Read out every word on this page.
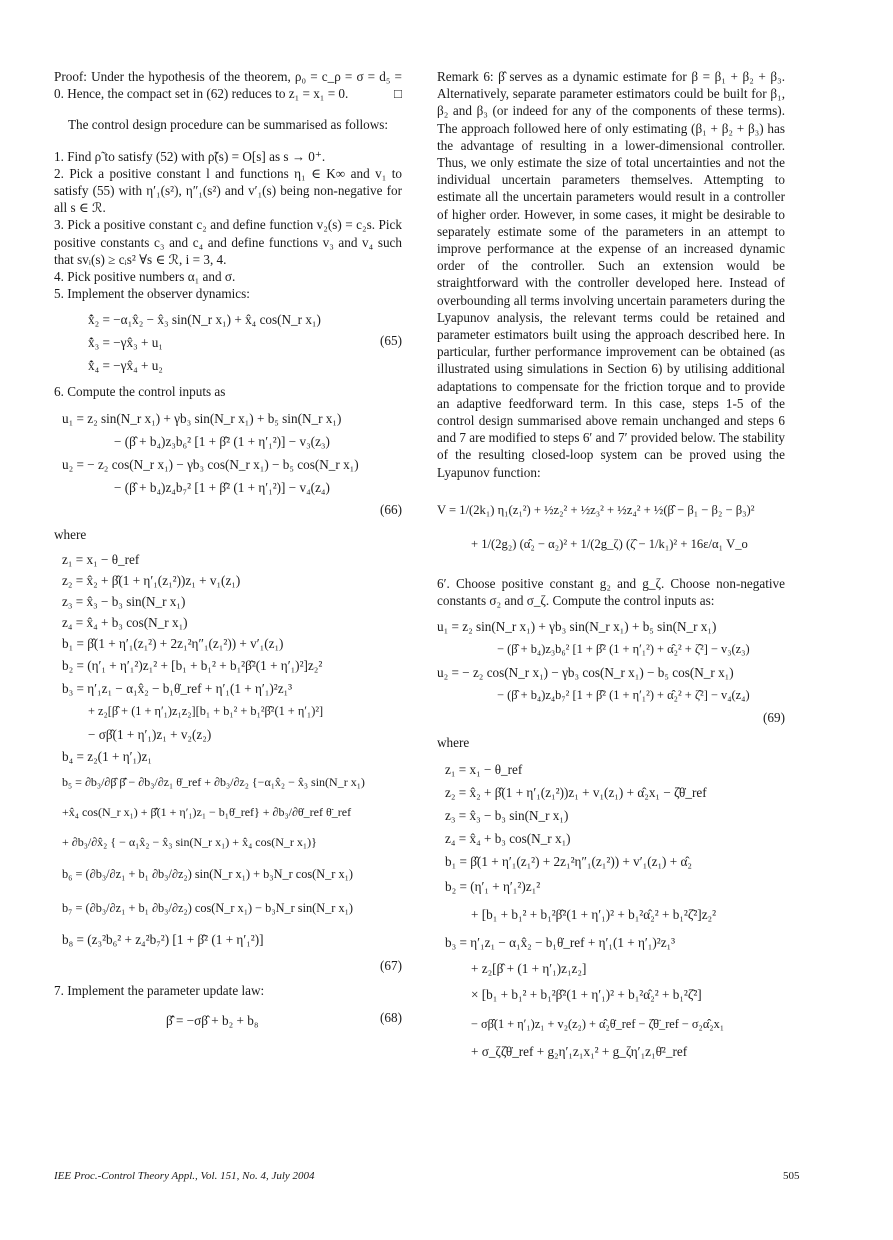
Proof: Under the hypothesis of the theorem, ρ₀ = c_ρ = σ = d₅ = 0. Hence, the compact set in (62) reduces to z₁ = x₁ = 0.	□

The control design procedure can be summarised as follows:

1. Find ρ̃ to satisfy (52) with ρ̃(s) = O[s] as s → 0⁺.

2. Pick a positive constant l and functions η₁ ∈ K∞ and v₁ to satisfy (55) with η′₁(s²), η″₁(s²) and v′₁(s) being non-negative for all s ∈ ℛ.

3. Pick a positive constant c₂ and define function v₂(s) = c₂s. Pick positive constants c₃ and c₄ and define functions v₃ and v₄ such that svᵢ(s) ≥ cᵢs² ∀s ∈ ℛ, i = 3, 4.

4. Pick positive numbers α₁ and σ.

5. Implement the observer dynamics:

(65)
x̂̇₂ = −α₁x̂₂ − x̂₃ sin(N_r x₁) + x̂₄ cos(N_r x₁)
x̂̇₃ = −γx̂₃ + u₁
x̂̇₄ = −γx̂₄ + u₂

6. Compute the control inputs as

u₁ = z₂ sin(N_r x₁) + γb₃ sin(N_r x₁) + b₅ sin(N_r x₁)
− (β̂ + b₄)z₃b₆² [1 + β̂² (1 + η′₁²)] − v₃(z₃)
u₂ = − z₂ cos(N_r x₁) − γb₃ cos(N_r x₁) − b₅ cos(N_r x₁)
− (β̂ + b₄)z₄b₇² [1 + β̂² (1 + η′₁²)] − v₄(z₄)
(66)

where

z₁ = x₁ − θ_ref
z₂ = x̂₂ + β̂(1 + η′₁(z₁²))z₁ + v₁(z₁)
z₃ = x̂₃ − b₃ sin(N_r x₁)
z₄ = x̂₄ + b₃ cos(N_r x₁)
b₁ = β̂(1 + η′₁(z₁²) + 2z₁²η″₁(z₁²)) + v′₁(z₁)
b₂ = (η′₁ + η′₁²)z₁² + [b₁ + b₁² + b₁²β̂²(1 + η′₁)²]z₂²
b₃ = η′₁z₁ − α₁x̂₂ − b₁θ̇_ref + η′₁(1 + η′₁)²z₁³
+ z₂[β̂ + (1 + η′₁)z₁z₂][b₁ + b₁² + b₁²β̂²(1 + η′₁)²]
− σβ̂(1 + η′₁)z₁ + v₂(z₂)
b₄ = z₂(1 + η′₁)z₁
b₅ = ∂b₃/∂β̂ β̂̇ − ∂b₃/∂z₁ θ̇_ref + ∂b₃/∂z₂ {−α₁x̂₂ − x̂₃ sin(N_r x₁)
+x̂₄ cos(N_r x₁) + β̂̇(1 + η′₁)z₁ − b₁θ̇_ref} + ∂b₃/∂θ̇_ref θ̈_ref
+ ∂b₃/∂x̂₂ { − α₁x̂₂ − x̂₃ sin(N_r x₁) + x̂₄ cos(N_r x₁)}
b₆ = (∂b₃/∂z₁ + b₁ ∂b₃/∂z₂) sin(N_r x₁) + b₃N_r cos(N_r x₁)
b₇ = (∂b₃/∂z₁ + b₁ ∂b₃/∂z₂) cos(N_r x₁) − b₃N_r sin(N_r x₁)
b₈ = (z₃²b₆² + z₄²b₇²) [1 + β̂² (1 + η′₁²)]
(67)

7. Implement the parameter update law:

β̂̇ = −σβ̂ + b₂ + b₈	(68)

Remark 6: β̂ serves as a dynamic estimate for β = β₁ + β₂ + β₃. Alternatively, separate parameter estimators could be built for β₁, β₂ and β₃ (or indeed for any of the components of these terms). The approach followed here of only estimating (β₁ + β₂ + β₃) has the advantage of resulting in a lower-dimensional controller. Thus, we only estimate the size of total uncertainties and not the individual uncertain parameters themselves. Attempting to estimate all the uncertain parameters would result in a controller of higher order. However, in some cases, it might be desirable to separately estimate some of the parameters in an attempt to improve performance at the expense of an increased dynamic order of the controller. Such an extension would be straightforward with the controller developed here. Instead of overbounding all terms involving uncertain parameters during the Lyapunov analysis, the relevant terms could be retained and parameter estimators built using the approach described here. In particular, further performance improvement can be obtained (as illustrated using simulations in Section 6) by utilising additional adaptations to compensate for the friction torque and to provide an adaptive feedforward term. In this case, steps 1-5 of the control design summarised above remain unchanged and steps 6 and 7 are modified to steps 6′ and 7′ provided below. The stability of the resulting closed-loop system can be proved using the Lyapunov function:

V = 1/(2k₁) η₁(z₁²) + ½z₂² + ½z₃² + ½z₄² + ½(β̂ − β₁ − β₂ − β₃)²
+ 1/(2g₂) (α̂₂ − α₂)² + 1/(2g_ζ) (ζ̂ − 1/k₁)² + 16ε/α₁ V_o

6′. Choose positive constant g₂ and g_ζ. Choose non-negative constants σ₂ and σ_ζ. Compute the control inputs as:

u₁ = z₂ sin(N_r x₁) + γb₃ sin(N_r x₁) + b₅ sin(N_r x₁)
− (β̂ + b₄)z₃b₆² [1 + β̂² (1 + η′₁²) + α̂₂² + ζ̂²] − v₃(z₃)
u₂ = − z₂ cos(N_r x₁) − γb₃ cos(N_r x₁) − b₅ cos(N_r x₁)
− (β̂ + b₄)z₄b₇² [1 + β̂² (1 + η′₁²) + α̂₂² + ζ̂²] − v₄(z₄)
(69)

where

z₁ = x₁ − θ_ref
z₂ = x̂₂ + β̂(1 + η′₁(z₁²))z₁ + v₁(z₁) + α̂₂x₁ − ζ̂θ̇_ref
z₃ = x̂₃ − b₃ sin(N_r x₁)
z₄ = x̂₄ + b₃ cos(N_r x₁)
b₁ = β̂(1 + η′₁(z₁²) + 2z₁²η″₁(z₁²)) + v′₁(z₁) + α̂₂
b₂ = (η′₁ + η′₁²)z₁²
+ [b₁ + b₁² + b₁²β̂²(1 + η′₁)² + b₁²α̂₂² + b₁²ζ̂²]z₂²
b₃ = η′₁z₁ − α₁x̂₂ − b₁θ̇_ref + η′₁(1 + η′₁)²z₁³
+ z₂[β̂ + (1 + η′₁)z₁z₂]
× [b₁ + b₁² + b₁²β̂²(1 + η′₁)² + b₁²α̂₂² + b₁²ζ̂²]
− σβ̂(1 + η′₁)z₁ + v₂(z₂) + α̂₂θ̇_ref − ζ̂θ̈_ref − σ₂α̂₂x₁
+ σ_ζζ̂θ̇_ref + g₂η′₁z₁x₁² + g_ζη′₁z₁θ̇²_ref
IEE Proc.-Control Theory Appl., Vol. 151, No. 4, July 2004	505
